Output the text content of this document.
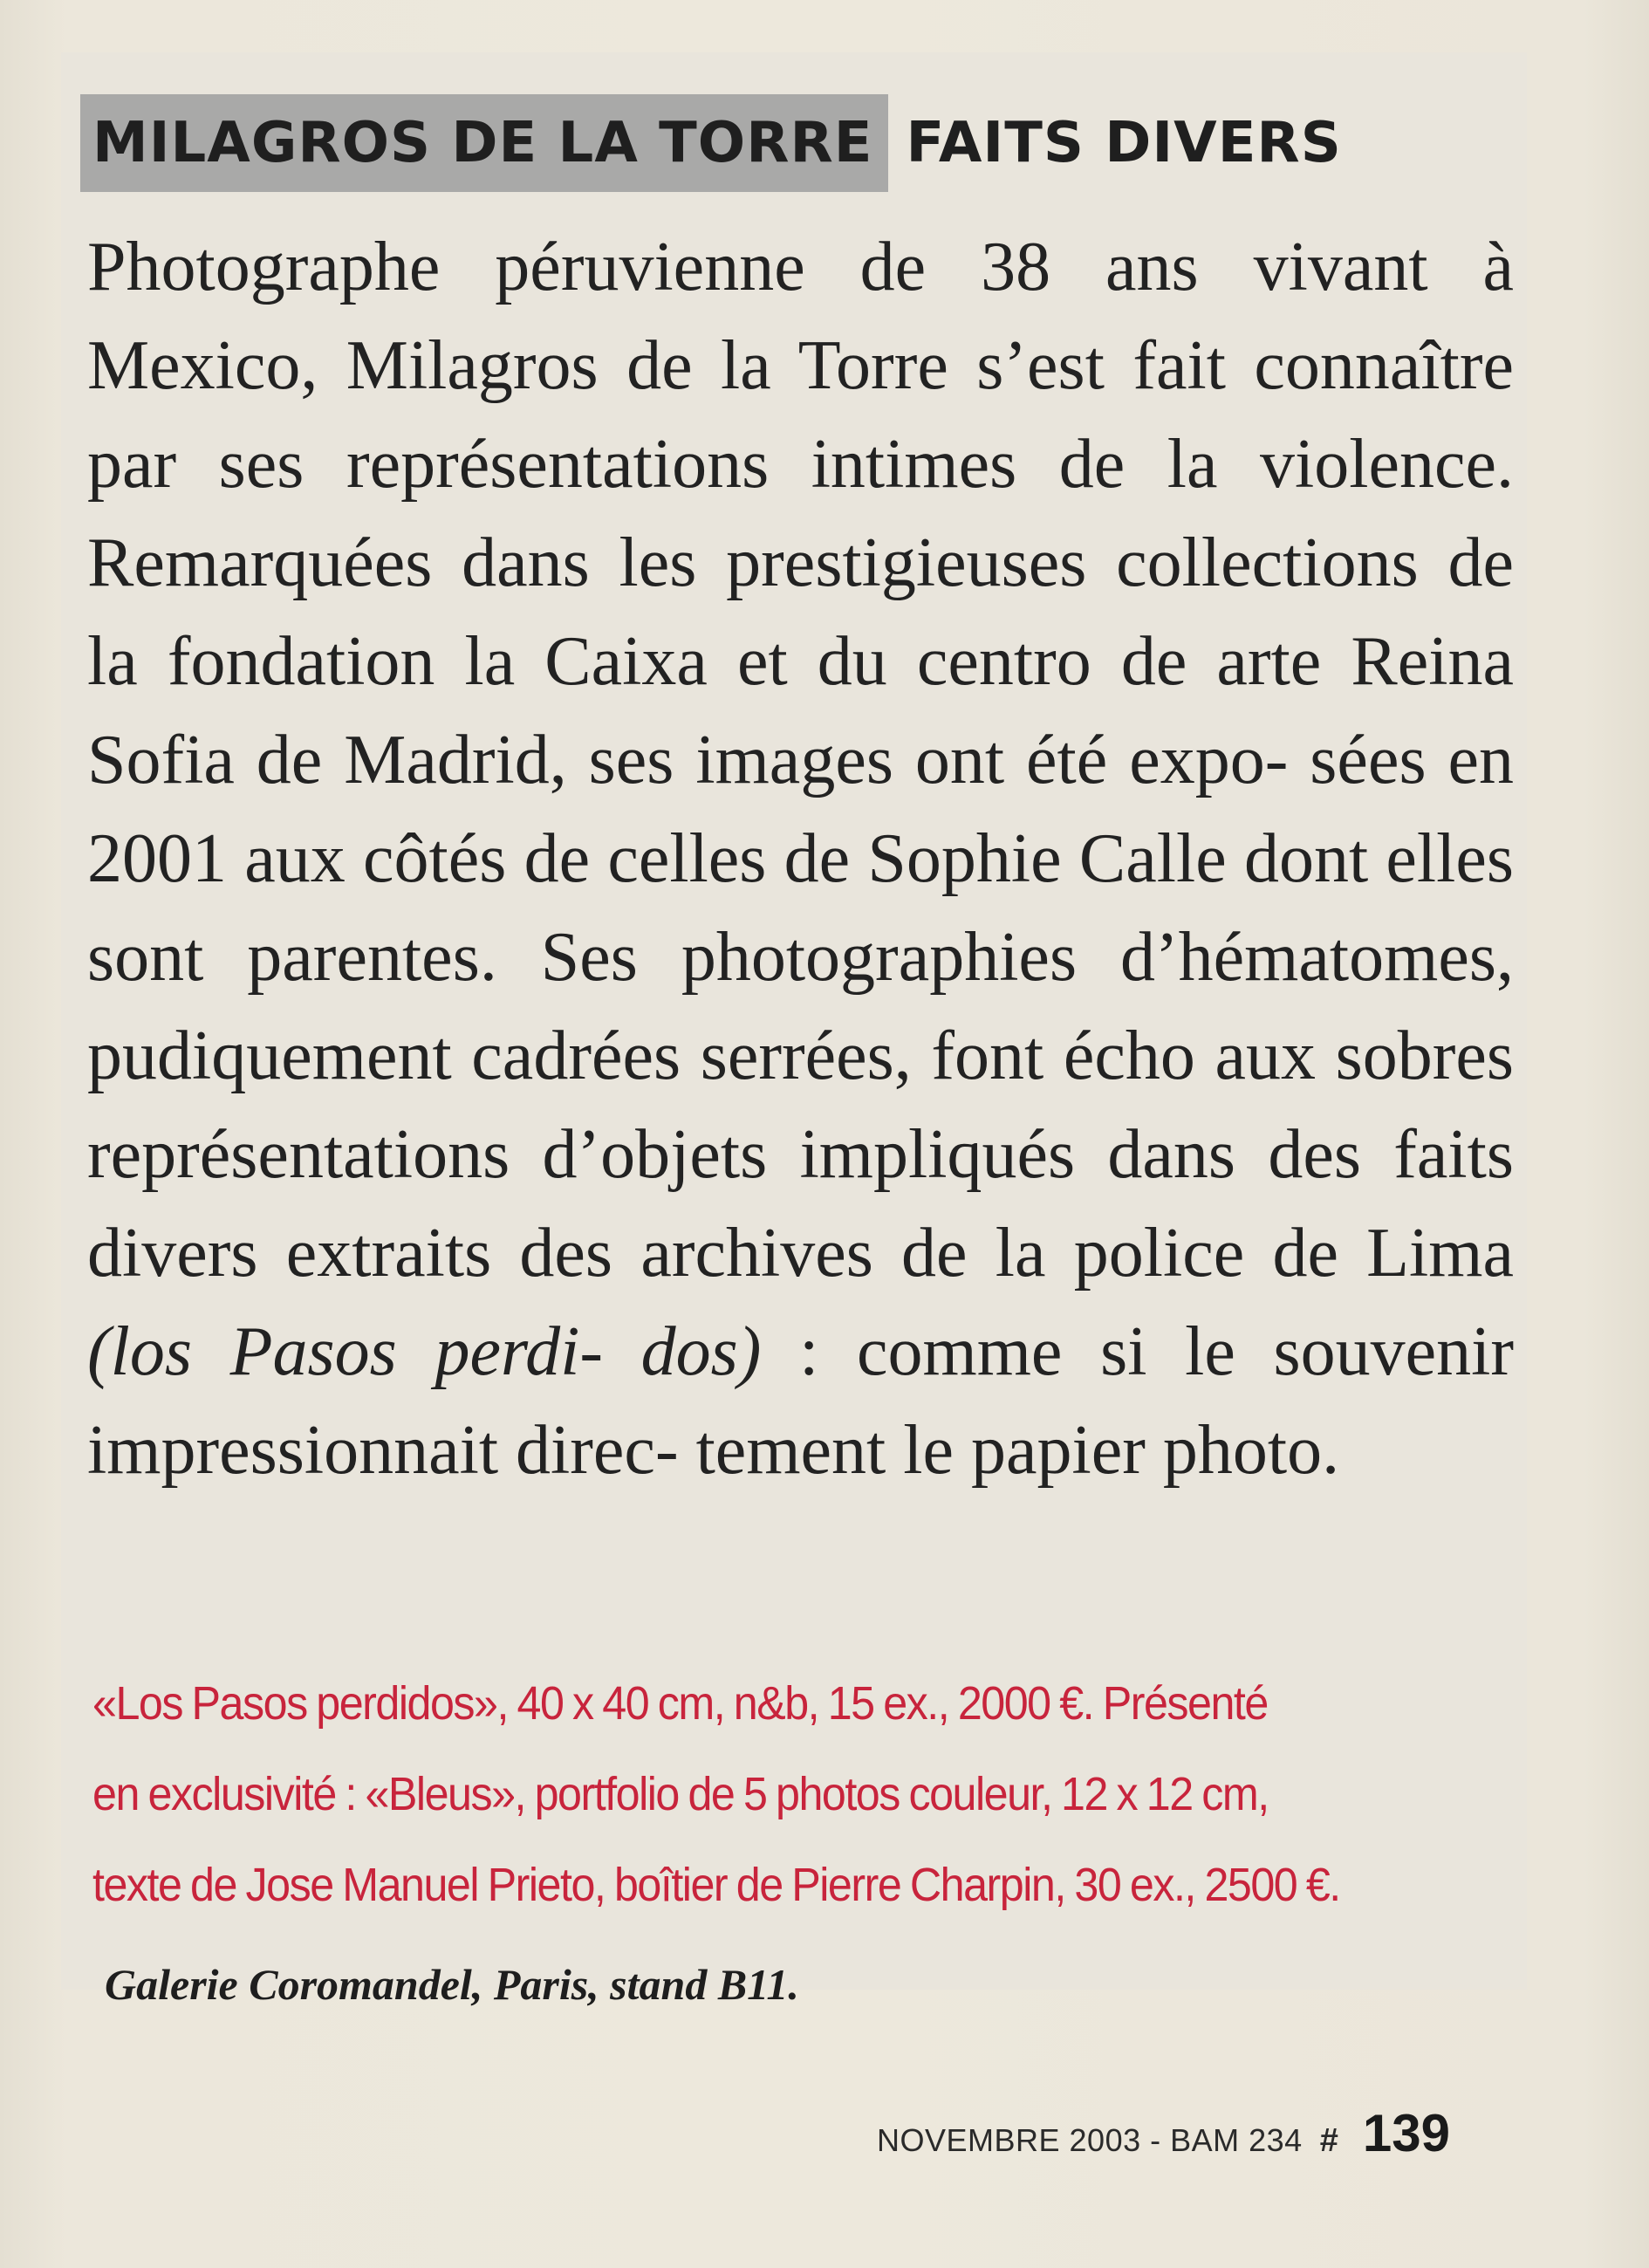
MILAGROS DE LA TORRE FAITS DIVERS

Photographe péruvienne de 38 ans vivant à Mexico, Milagros de la Torre s’est fait connaître par ses représentations intimes de la violence. Remarquées dans les prestigieuses collections de la fondation la Caixa et du centro de arte Reina Sofia de Madrid, ses images ont été expo- sées en 2001 aux côtés de celles de Sophie Calle dont elles sont parentes. Ses photographies d’hématomes, pudiquement cadrées serrées, font écho aux sobres représentations d’objets impliqués dans des faits divers extraits des archives de la police de Lima (los Pasos perdi- dos) : comme si le souvenir impressionnait direc- tement le papier photo.

«Los Pasos perdidos», 40 x 40 cm, n&b, 15 ex., 2000 €. Présenté
en exclusivité : «Bleus», portfolio de 5 photos couleur, 12 x 12 cm,
texte de Jose Manuel Prieto, boîtier de Pierre Charpin, 30 ex., 2500 €.

Galerie Coromandel, Paris, stand B11.

NOVEMBRE 2003 - BAM 234 # 139
